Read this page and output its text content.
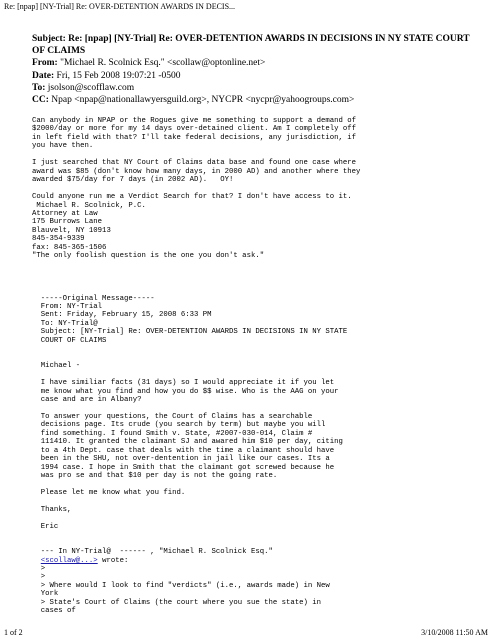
Re: [npap] [NY-Trial] Re: OVER-DETENTION AWARDS IN DECIS...
Subject: Re: [npap] [NY-Trial] Re: OVER-DETENTION AWARDS IN DECISIONS IN NY STATE COURT OF CLAIMS
From: "Michael R. Scolnick Esq." <scollaw@optonline.net>
Date: Fri, 15 Feb 2008 19:07:21 -0500
To: jsolson@scofflaw.com
CC: Npap <npap@nationallawyersguild.org>, NYCPR <nycpr@yahoogroups.com>
Can anybody in NPAP or the Rogues give me something to support a demand of
$2000/day or more for my 14 days over-detained client. Am I completely off
in left field with that? I'll take federal decisions, any jurisdiction, if
you have then.

I just searched that NY Court of Claims data base and found one case where
award was $85 (don't know how many days, in 2000 AD) and another where they
awarded $75/day for 7 days (in 2002 AD).   OY!

Could anyone run me a Verdict Search for that? I don't have access to it.
Michael R. Scolnick, P.C.
Attorney at Law
175 Burrows Lane
Blauvelt, NY 10913
845-354-9339
fax: 845-365-1506
"The only foolish question is the one you don't ask."

-----Original Message-----
From: NY-Trial
Sent: Friday, February 15, 2008 6:33 PM
To: NY-Trial@
Subject: [NY-Trial] Re: OVER-DETENTION AWARDS IN DECISIONS IN NY STATE
COURT OF CLAIMS

Michael -

I have similiar facts (31 days) so I would appreciate it if you let
me know what you find and how you do $$ wise. Who is the AAG on your
case and are in Albany?

To answer your questions, the Court of Claims has a searchable
decisions page. Its crude (you search by term) but maybe you will
find something. I found Smith v. State, #2007-030-014, Claim #
111410. It granted the claimant SJ and awared him $10 per day, citing
to a 4th Dept. case that deals with the time a claimant should have
been in the SHU, not over-dentention in jail like our cases. Its a
1994 case. I hope in Smith that the claimant got screwed because he
was pro se and that $10 per day is not the going rate.

Please let me know what you find.

Thanks,

Eric

--- In NY-Trial@  ------ , "Michael R. Scolnick Esq."
<scollaw@...> wrote:
>
>
> Where would I look to find "verdicts" (i.e., awards made) in New
York
> State's Court of Claims (the court where you sue the state) in
cases of
1 of 2	3/10/2008 11:50 AM
